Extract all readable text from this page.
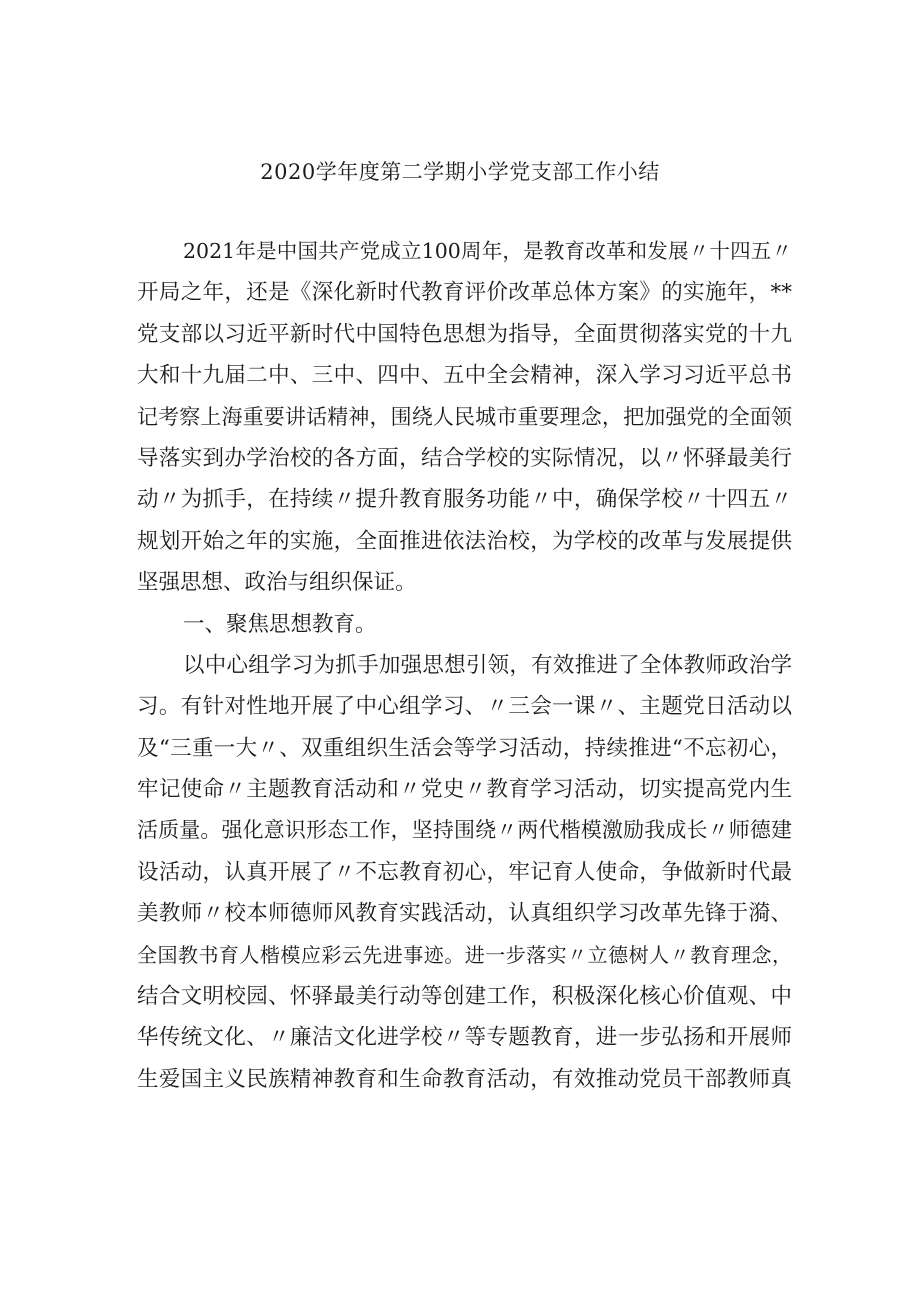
2020学年度第二学期小学党支部工作小结
2021年是中国共产党成立100周年，是教育改革和发展〃十四五〃
开局之年，还是《深化新时代教育评价改革总体方案》的实施年，**
党支部以习近平新时代中国特色思想为指导，全面贯彻落实党的十九
大和十九届二中、三中、四中、五中全会精神，深入学习习近平总书
记考察上海重要讲话精神，围绕人民城市重要理念，把加强党的全面领
导落实到办学治校的各方面，结合学校的实际情况，以〃怀驿最美行
动〃为抓手，在持续〃提升教育服务功能〃中，确保学校〃十四五〃
规划开始之年的实施，全面推进依法治校，为学校的改革与发展提供
坚强思想、政治与组织保证。
一、聚焦思想教育。
以中心组学习为抓手加强思想引领，有效推进了全体教师政治学
习。有针对性地开展了中心组学习、〃三会一课〃、主题党日活动以
及“三重一大〃、双重组织生活会等学习活动，持续推进“不忘初心，
牢记使命〃主题教育活动和〃党史〃教育学习活动，切实提高党内生
活质量。强化意识形态工作，坚持围绕〃两代楷模激励我成长〃师德建
设活动，认真开展了〃不忘教育初心，牢记育人使命，争做新时代最
美教师〃校本师德师风教育实践活动，认真组织学习改革先锋于漪、
全国教书育人楷模应彩云先进事迹。进一步落实〃立德树人〃教育理念，
结合文明校园、怀驿最美行动等创建工作，积极深化核心价值观、中
华传统文化、〃廉洁文化进学校〃等专题教育，进一步弘扬和开展师
生爱国主义民族精神教育和生命教育活动，有效推动党员干部教师真
